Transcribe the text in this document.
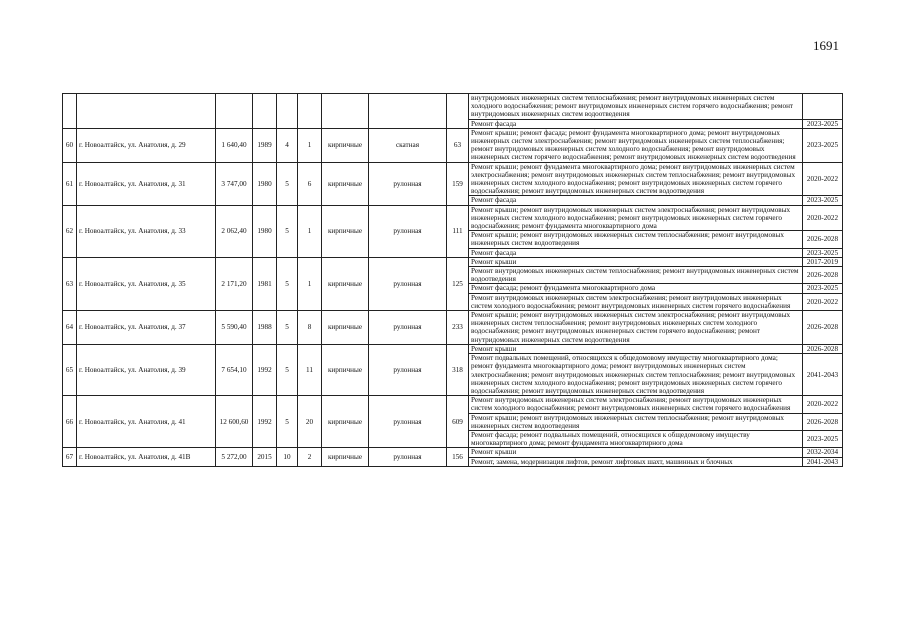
1691
									внутридомовых инженерных систем теплоснабжения; ремонт внутридомовых инженерных систем холодного водоснабжения; ремонт внутридомовых инженерных систем горячего водоснабжения; ремонт внутридомовых инженерных систем водоотведения	
									Ремонт фасада	2023-2025
60	г. Новоалтайск, ул. Анатолия, д. 29	1 640,40	1989	4	1	кирпичные	скатная	63	Ремонт крыши; ремонт фасада; ремонт фундамента многоквартирного дома; ремонт внутридомовых инженерных систем электроснабжения; ремонт внутридомовых инженерных систем теплоснабжения; ремонт внутридомовых инженерных систем холодного водоснабжения; ремонт внутридомовых инженерных систем горячего водоснабжения; ремонт внутридомовых инженерных систем водоотведения	2023-2025
61	г. Новоалтайск, ул. Анатолия, д. 31	3 747,00	1980	5	6	кирпичные	рулонная	159	Ремонт крыши; ремонт фундамента многоквартирного дома; ремонт внутридомовых инженерных систем электроснабжения; ремонт внутридомовых инженерных систем теплоснабжения; ремонт внутридомовых инженерных систем холодного водоснабжения; ремонт внутридомовых инженерных систем горячего водоснабжения; ремонт внутридомовых инженерных систем водоотведения	2020-2022
									Ремонт фасада	2023-2025
62	г. Новоалтайск, ул. Анатолия, д. 33	2 062,40	1980	5	1	кирпичные	рулонная	111	Ремонт крыши; ремонт внутридомовых инженерных систем электроснабжения; ремонт внутридомовых инженерных систем холодного водоснабжения; ремонт внутридомовых инженерных систем горячего водоснабжения; ремонт фундамента многоквартирного дома	2020-2022
									Ремонт крыши; ремонт внутридомовых инженерных систем теплоснабжения; ремонт внутридомовых инженерных систем водоотведения	2026-2028
									Ремонт фасада	2023-2025
63	г. Новоалтайск, ул. Анатолия, д. 35	2 171,20	1981	5	1	кирпичные	рулонная	125	Ремонт крыши	2017-2019
									Ремонт внутридомовых инженерных систем теплоснабжения; ремонт внутридомовых инженерных систем водоотведения	2026-2028
									Ремонт фасада; ремонт фундамента многоквартирного дома	2023-2025
									Ремонт внутридомовых инженерных систем электроснабжения; ремонт внутридомовых инженерных систем холодного водоснабжения; ремонт внутридомовых инженерных систем горячего водоснабжения	2020-2022
64	г. Новоалтайск, ул. Анатолия, д. 37	5 590,40	1988	5	8	кирпичные	рулонная	233	Ремонт крыши; ремонт внутридомовых инженерных систем электроснабжения; ремонт внутридомовых инженерных систем теплоснабжения; ремонт внутридомовых инженерных систем холодного водоснабжения; ремонт внутридомовых инженерных систем горячего водоснабжения; ремонт внутридомовых инженерных систем водоотведения	2026-2028
65	г. Новоалтайск, ул. Анатолия, д. 39	7 654,10	1992	5	11	кирпичные	рулонная	318	Ремонт крыши	2026-2028
									Ремонт подвальных помещений, относящихся к общедомовому имуществу многоквартирного дома; ремонт фундамента многоквартирного дома; ремонт внутридомовых инженерных систем электроснабжения; ремонт внутридомовых инженерных систем теплоснабжения; ремонт внутридомовых инженерных систем холодного водоснабжения; ремонт внутридомовых инженерных систем горячего водоснабжения; ремонт внутридомовых инженерных систем водоотведения	2041-2043
66	г. Новоалтайск, ул. Анатолия, д. 41	12 600,60	1992	5	20	кирпичные	рулонная	609	Ремонт внутридомовых инженерных систем электроснабжения; ремонт внутридомовых инженерных систем холодного водоснабжения; ремонт внутридомовых инженерных систем горячего водоснабжения	2020-2022
									Ремонт крыши; ремонт внутридомовых инженерных систем теплоснабжения; ремонт внутридомовых инженерных систем водоотведения	2026-2028
									Ремонт фасада; ремонт подвальных помещений, относящихся к общедомовому имуществу многоквартирного дома; ремонт фундамента многоквартирного дома	2023-2025
67	г. Новоалтайск, ул. Анатолия, д. 41В	5 272,00	2015	10	2	кирпичные	рулонная	156	Ремонт крыши	2032-2034
									Ремонт, замена, модернизация лифтов, ремонт лифтовых шахт, машинных и блочных	2041-2043
